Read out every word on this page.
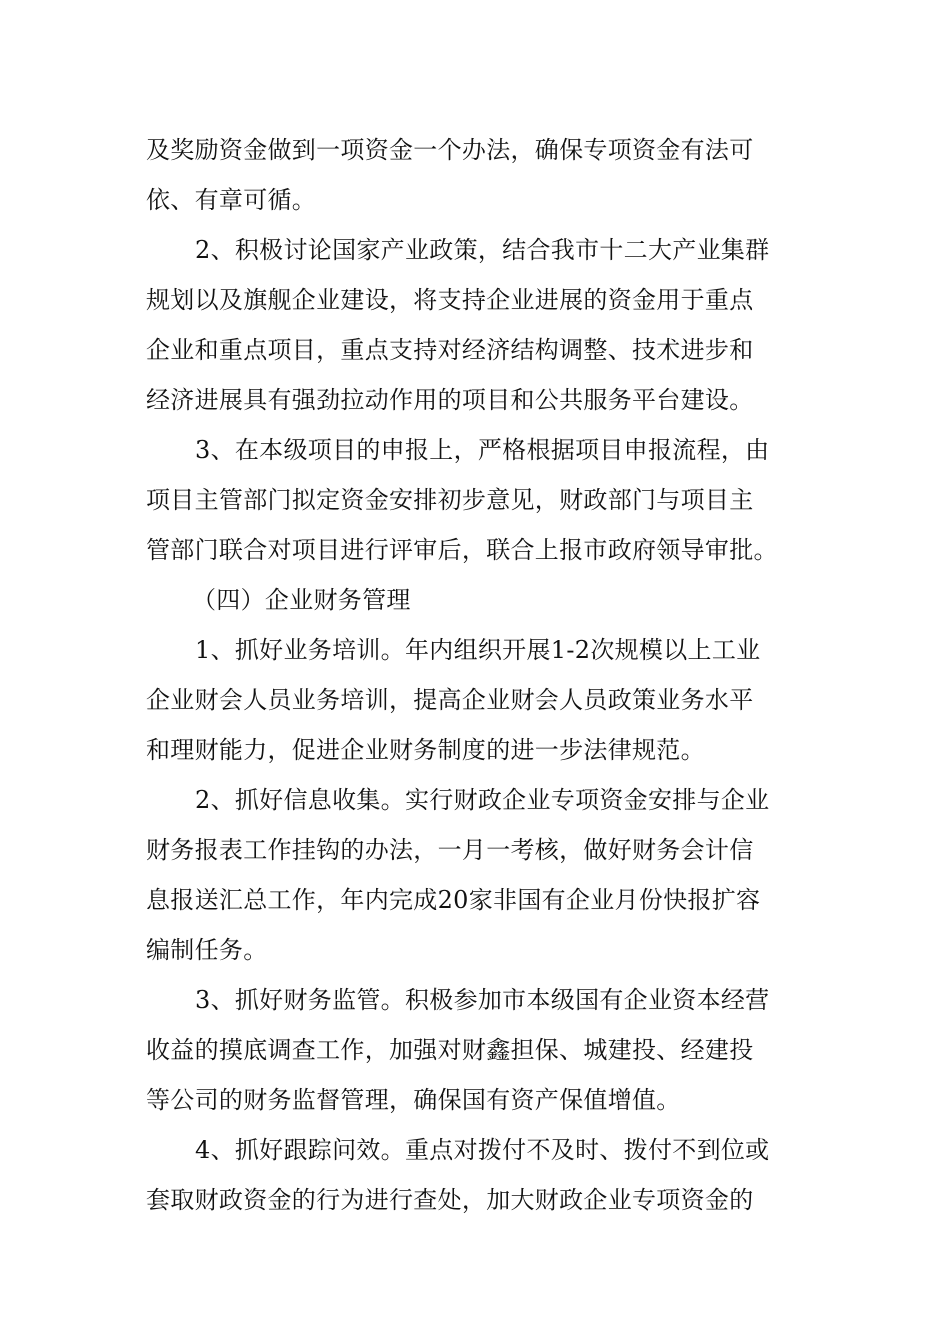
及奖励资金做到一项资金一个办法，确保专项资金有法可
依、有章可循。
2、积极讨论国家产业政策，结合我市十二大产业集群
规划以及旗舰企业建设，将支持企业进展的资金用于重点
企业和重点项目，重点支持对经济结构调整、技术进步和
经济进展具有强劲拉动作用的项目和公共服务平台建设。
3、在本级项目的申报上，严格根据项目申报流程，由
项目主管部门拟定资金安排初步意见，财政部门与项目主
管部门联合对项目进行评审后，联合上报市政府领导审批。
（四）企业财务管理
1、抓好业务培训。年内组织开展1-2次规模以上工业
企业财会人员业务培训，提高企业财会人员政策业务水平
和理财能力，促进企业财务制度的进一步法律规范。
2、抓好信息收集。实行财政企业专项资金安排与企业
财务报表工作挂钩的办法，一月一考核，做好财务会计信
息报送汇总工作，年内完成20家非国有企业月份快报扩容
编制任务。
3、抓好财务监管。积极参加市本级国有企业资本经营
收益的摸底调查工作，加强对财鑫担保、城建投、经建投
等公司的财务监督管理，确保国有资产保值增值。
4、抓好跟踪问效。重点对拨付不及时、拨付不到位或
套取财政资金的行为进行查处，加大财政企业专项资金的
